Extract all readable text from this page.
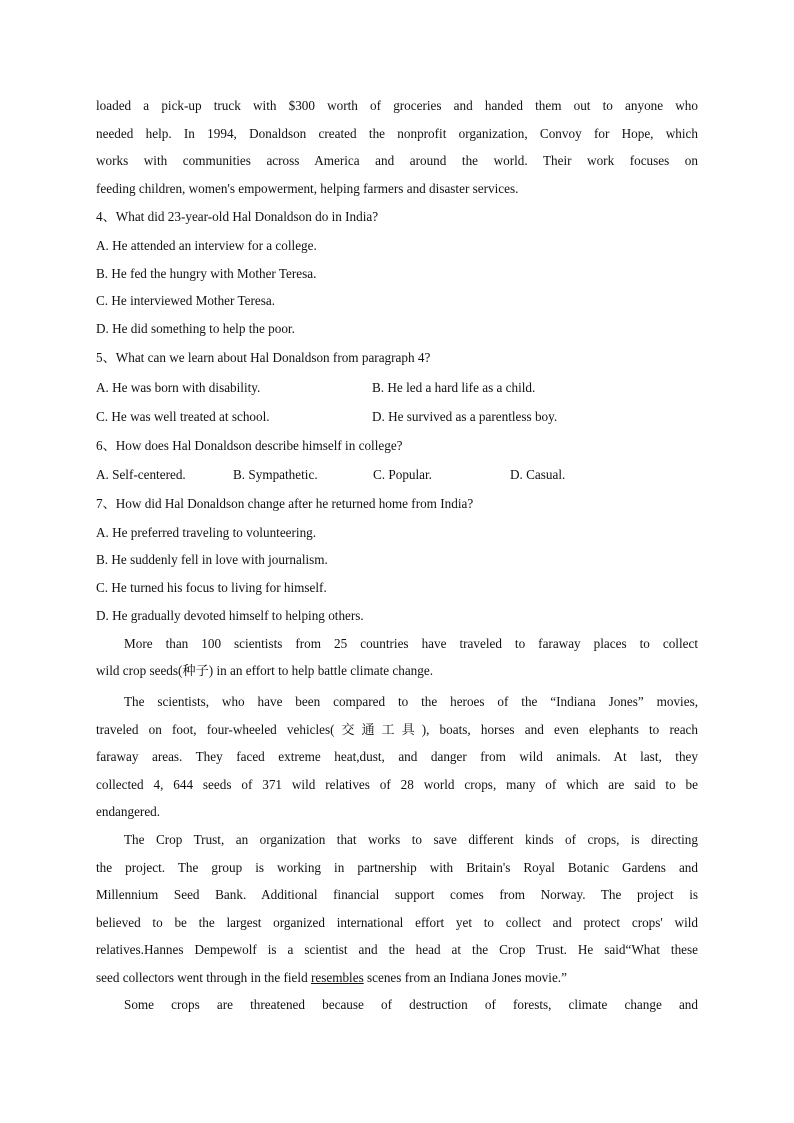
loaded a pick-up truck with $300 worth of groceries and handed them out to anyone who
needed help. In 1994, Donaldson created the nonprofit organization, Convoy for Hope, which
works with communities across America and around the world. Their work focuses on
feeding children, women's empowerment, helping farmers and disaster services.
4、What did 23-year-old Hal Donaldson do in India?
A. He attended an interview for a college.
B. He fed the hungry with Mother Teresa.
C. He interviewed Mother Teresa.
D. He did something to help the poor.
5、What can we learn about Hal Donaldson from paragraph 4?
A. He was born with disability.	B. He led a hard life as a child.
C. He was well treated at school.	D. He survived as a parentless boy.
6、How does Hal Donaldson describe himself in college?
A. Self-centered.	B. Sympathetic.	C. Popular.	D. Casual.
7、How did Hal Donaldson change after he returned home from India?
A. He preferred traveling to volunteering.
B. He suddenly fell in love with journalism.
C. He turned his focus to living for himself.
D. He gradually devoted himself to helping others.
More than 100 scientists from 25 countries have traveled to faraway places to collect
wild crop seeds(种子) in an effort to help battle climate change.
The scientists, who have been compared to the heroes of the “Indiana Jones” movies,
traveled on foot, four-wheeled vehicles(交通工具), boats, horses and even elephants to reach
faraway areas. They faced extreme heat,dust, and danger from wild animals. At last, they
collected 4, 644 seeds of 371 wild relatives of 28 world crops, many of which are said to be
endangered.
The Crop Trust, an organization that works to save different kinds of crops, is directing
the project. The group is working in partnership with Britain's Royal Botanic Gardens and
Millennium Seed Bank. Additional financial support comes from Norway. The project is
believed to be the largest organized international effort yet to collect and protect crops' wild
relatives.Hannes Dempewolf is a scientist and the head at the Crop Trust. He said“What these
seed collectors went through in the field resembles scenes from an Indiana Jones movie.”
Some crops are threatened because of destruction of forests, climate change and
